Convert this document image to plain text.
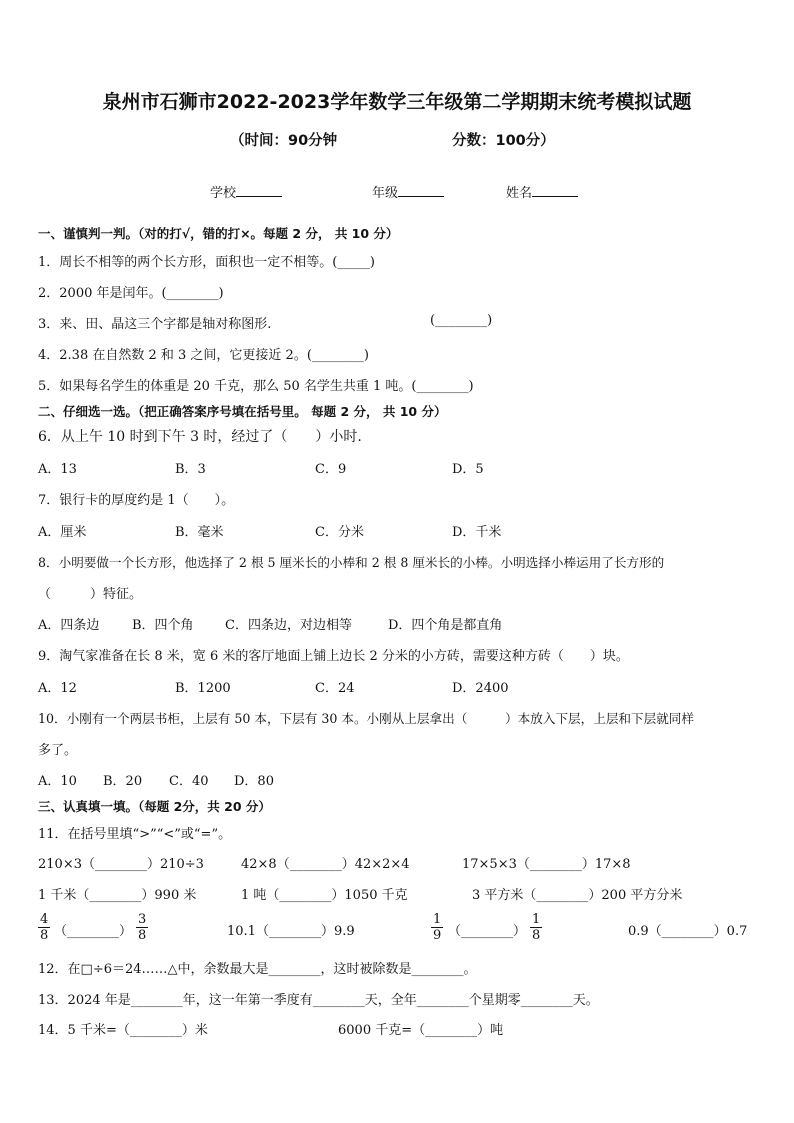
泉州市石狮市2022-2023学年数学三年级第二学期期末统考模拟试题
（时间：90分钟	分数：100分）
学校	年级	姓名
一、谨慎判一判。（对的打√，错的打×。每题 2 分， 共 10 分）
1．周长不相等的两个长方形，面积也一定不相等。(_____)
2．2000 年是闰年。(________)
3．来、田、晶这三个字都是轴对称图形.	(________)
4．2.38 在自然数 2 和 3 之间，它更接近 2。(________)
5．如果每名学生的体重是 20 千克，那么 50 名学生共重 1 吨。(________)
二、仔细选一选。（把正确答案序号填在括号里。 每题 2 分， 共 10 分）
6．从上午 10 时到下午 3 时，经过了（　　）小时.
A．13	B．3	C．9	D．5
7．银行卡的厚度约是 1（　　）。
A．厘米	B．毫米	C．分米	D．千米
8．小明要做一个长方形，他选择了 2 根 5 厘米长的小棒和 2 根 8 厘米长的小棒。小明选择小棒运用了长方形的
（　　　）特征。
A．四条边	B．四个角 C．四条边，对边相等	D．四个角是都直角
9．淘气家准备在长 8 米，宽 6 米的客厅地面上铺上边长 2 分米的小方砖，需要这种方砖（　　）块。
A．12	B．1200	C．24	D．2400
10．小刚有一个两层书柜，上层有 50 本，下层有 30 本。小刚从上层拿出（　　　）本放入下层，上层和下层就同样
多了。
A．10 B．20 C．40 D．80
三、认真填一填。（每题 2分，共 20 分）
11．在括号里填“>”“<”或“=”。
210×3（________）210÷3	42×8（________）42×2×4	17×5×3（________）17×8
1 千米（________）990 米	1 吨（________）1050 千克	3 平方米（________）200 平方分米
$\frac{4}{8}$ （________） $\frac{3}{8}$	10.1（________）9.9	$\frac{1}{9}$ （________） $\frac{1}{8}$	0.9（________）0.7
12．在□÷6＝24……△中，余数最大是________，这时被除数是________。
13．2024 年是________年，这一年第一季度有________天，全年________个星期零________天。
14．5 千米=（________）米	6000 千克=（________）吨
